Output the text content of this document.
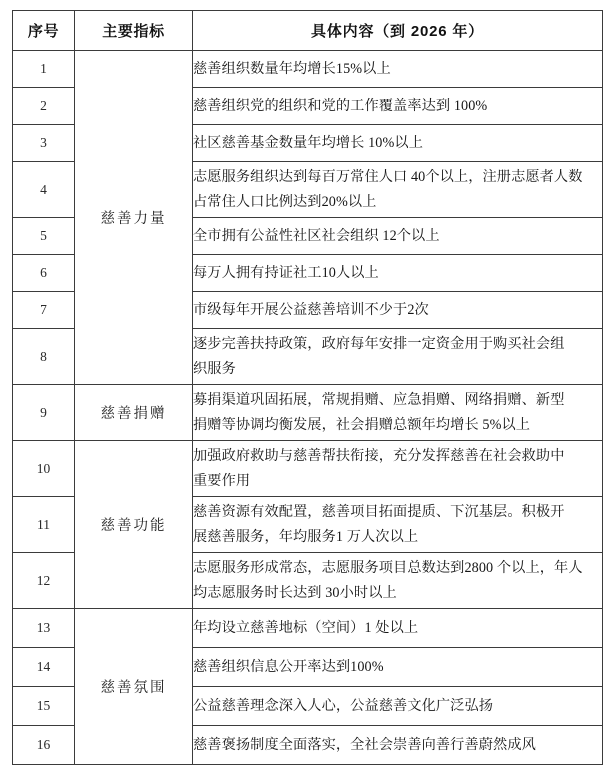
序号	主要指标	具体内容（到 2026 年）
1	慈善力量	慈善组织数量年均增长15%以上

2		慈善组织党的组织和党的工作覆盖率达到 100%

3		社区慈善基金数量年均增长 10%以上

4		志愿服务组织达到每百万常住人口 40个以上，注册志愿者人数
占常住人口比例达到20%以上

5		全市拥有公益性社区社会组织 12个以上

6		每万人拥有持证社工10人以上

7		市级每年开展公益慈善培训不少于2次

8		逐步完善扶持政策，政府每年安排一定资金用于购买社会组
织服务

9	慈善捐赠	募捐渠道巩固拓展，常规捐赠、应急捐赠、网络捐赠、新型
捐赠等协调均衡发展，社会捐赠总额年均增长 5%以上

10	慈善功能	加强政府救助与慈善帮扶衔接，充分发挥慈善在社会救助中
重要作用

11		慈善资源有效配置，慈善项目拓面提质、下沉基层。积极开
展慈善服务，年均服务1 万人次以上

12		志愿服务形成常态，志愿服务项目总数达到2800 个以上，年人
均志愿服务时长达到 30小时以上

13	慈善氛围	年均设立慈善地标（空间）1 处以上

14		慈善组织信息公开率达到100%

15		公益慈善理念深入人心，公益慈善文化广泛弘扬

16		慈善褒扬制度全面落实，全社会崇善向善行善蔚然成风
